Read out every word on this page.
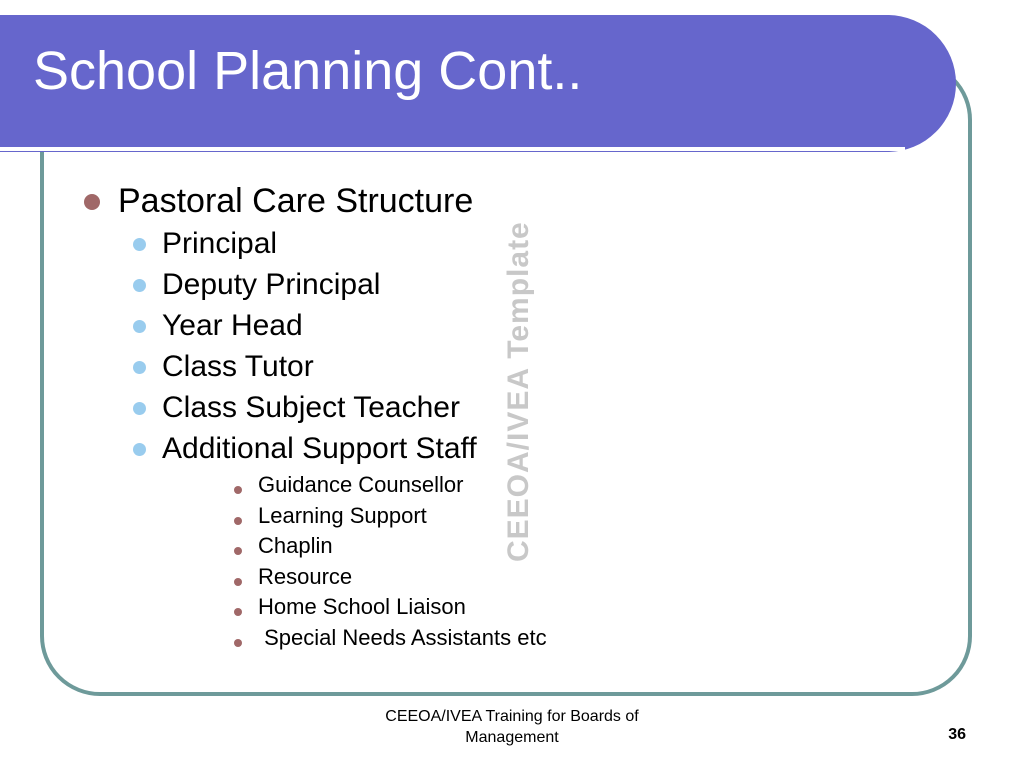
School Planning Cont..
CEEOA/IVEA Template
Pastoral Care Structure
Principal
Deputy Principal
Year Head
Class Tutor
Class Subject Teacher
Additional Support Staff
Guidance Counsellor
Learning Support
Chaplin
Resource
Home School Liaison
Special Needs Assistants etc
CEEOA/IVEA Training for Boards of
Management	36
